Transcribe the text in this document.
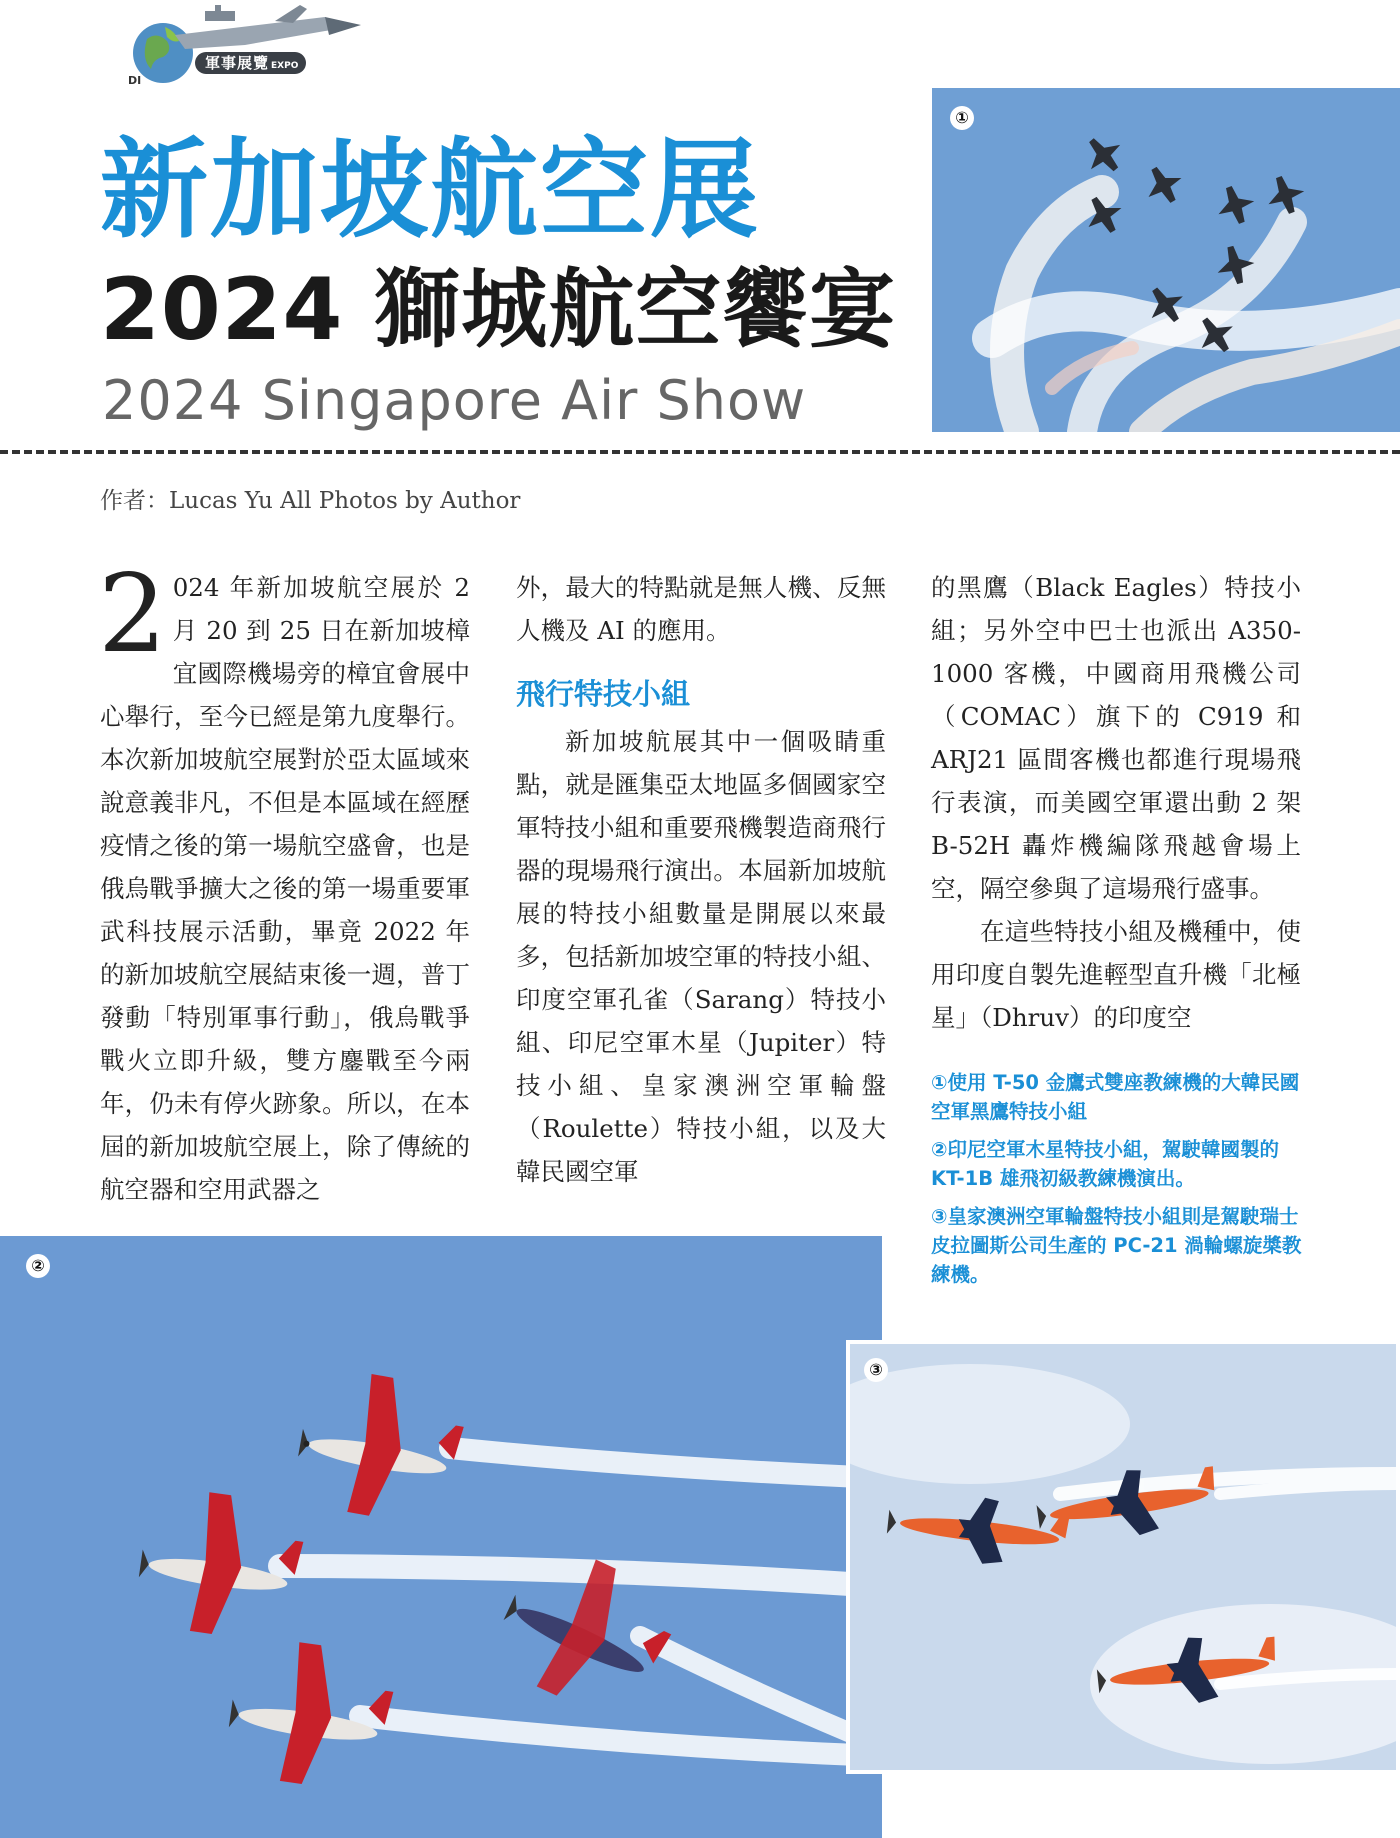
軍事展覽 EXPO
DI
新加坡航空展
2024 獅城航空饗宴
2024 Singapore Air Show
①
作者：Lucas Yu All Photos by Author

2 024 年新加坡航空展於 2 月 20 到 25 日在新加坡樟宜國際機場旁的樟宜會展中心舉行，至今已經是第九度舉行。本次新加坡航空展對於亞太區域來說意義非凡，不但是本區域在經歷疫情之後的第一場航空盛會，也是俄烏戰爭擴大之後的第一場重要軍武科技展示活動，畢竟 2022 年的新加坡航空展結束後一週，普丁發動「特別軍事行動」，俄烏戰爭戰火立即升級，雙方鏖戰至今兩年，仍未有停火跡象。所以，在本屆的新加坡航空展上，除了傳統的航空器和空用武器之

外，最大的特點就是無人機、反無人機及 AI 的應用。

飛行特技小組

新加坡航展其中一個吸睛重點，就是匯集亞太地區多個國家空軍特技小組和重要飛機製造商飛行器的現場飛行演出。本屆新加坡航展的特技小組數量是開展以來最多，包括新加坡空軍的特技小組、印度空軍孔雀（Sarang）特技小組、印尼空軍木星（Jupiter）特技小組、皇家澳洲空軍輪盤（Roulette）特技小組，以及大韓民國空軍

的黑鷹（Black Eagles）特技小組；另外空中巴士也派出 A350-1000 客機，中國商用飛機公司（COMAC）旗下的 C919 和 ARJ21 區間客機也都進行現場飛行表演，而美國空軍還出動 2 架 B-52H 轟炸機編隊飛越會場上空，隔空參與了這場飛行盛事。

在這些特技小組及機種中，使用印度自製先進輕型直升機「北極星」（Dhruv）的印度空

①使用 T-50 金鷹式雙座教練機的大韓民國空軍黑鷹特技小組
②印尼空軍木星特技小組，駕駛韓國製的 KT-1B 雄飛初級教練機演出。
③皇家澳洲空軍輪盤特技小組則是駕駛瑞士皮拉圖斯公司生產的 PC-21 渦輪螺旋槳教練機。
②
③
